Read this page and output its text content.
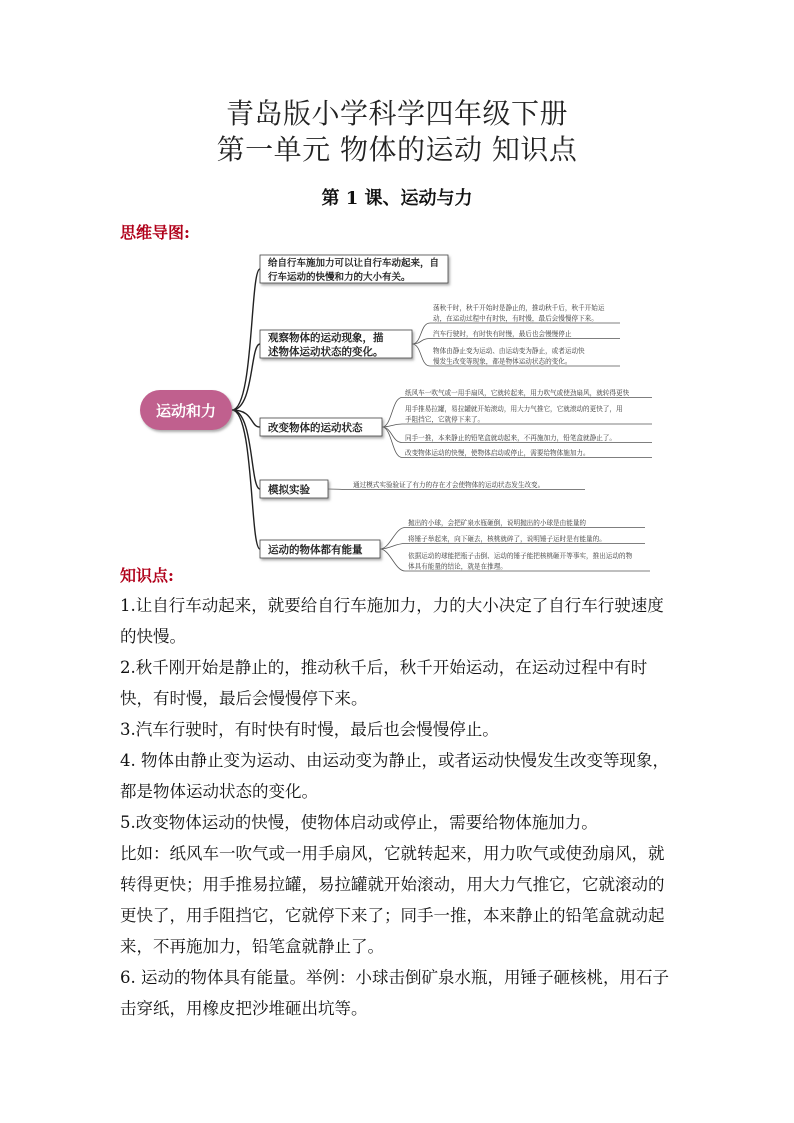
青岛版小学科学四年级下册
第一单元 物体的运动 知识点
第 1 课、运动与力
思维导图:
运动和力
给自行车施加力可以让自行车动起来，自
行车运动的快慢和力的大小有关。
观察物体的运动现象，描
述物体运动状态的变化。
荡秋千时，秋千开始时是静止的，推动秋千后，秋千开始运
动，在运动过程中有时快，有时慢，最后会慢慢停下来。
汽车行驶时，有时快有时慢，最后也会慢慢停止
物体由静止变为运动、由运动变为静止，或者运动快
慢发生改变等现象，都是物体运动状态的变化。
改变物体的运动状态
纸风车一吹气或一用手扇风，它就转起来，用力吹气或使劲扇风，就转得更快
用手推易拉罐，易拉罐就开始滚动，用大力气推它，它就滚动的更快了，用
手阻挡它，它就停下来了。
同手一推，本来静止的铅笔盒就动起来，不再施加力，铅笔盒就静止了。
改变物体运动的快慢，使物体启动或停止，需要给物体施加力。
模拟实验	通过模式实验验证了有力的存在才会使物体的运动状态发生改变。
运动的物体都有能量
抛出的小球，会把矿泉水瓶砸倒，说明抛出的小球是由能量的
将锤子举起来，向下砸去，核桃就碎了，说明锤子运时是有能量的。
依据运动的球能把瓶子击倒、运动的锤子能把核桃砸开等事实，推出运动的物
体具有能量的结论，就是在推理。
知识点:

1.让自行车动起来，就要给自行车施加力，力的大小决定了自行车行驶速度的快慢。

2.秋千刚开始是静止的，推动秋千后，秋千开始运动，在运动过程中有时快，有时慢，最后会慢慢停下来。

3.汽车行驶时，有时快有时慢，最后也会慢慢停止。

4. 物体由静止变为运动、由运动变为静止，或者运动快慢发生改变等现象，

都是物体运动状态的变化。

5.改变物体运动的快慢，使物体启动或停止，需要给物体施加力。

比如：纸风车一吹气或一用手扇风，它就转起来，用力吹气或使劲扇风，就转得更快；用手推易拉罐，易拉罐就开始滚动，用大力气推它，它就滚动的更快了，用手阻挡它，它就停下来了；同手一推，本来静止的铅笔盒就动起来，不再施加力，铅笔盒就静止了。

6. 运动的物体具有能量。举例：小球击倒矿泉水瓶，用锤子砸核桃，用石子击穿纸，用橡皮把沙堆砸出坑等。
